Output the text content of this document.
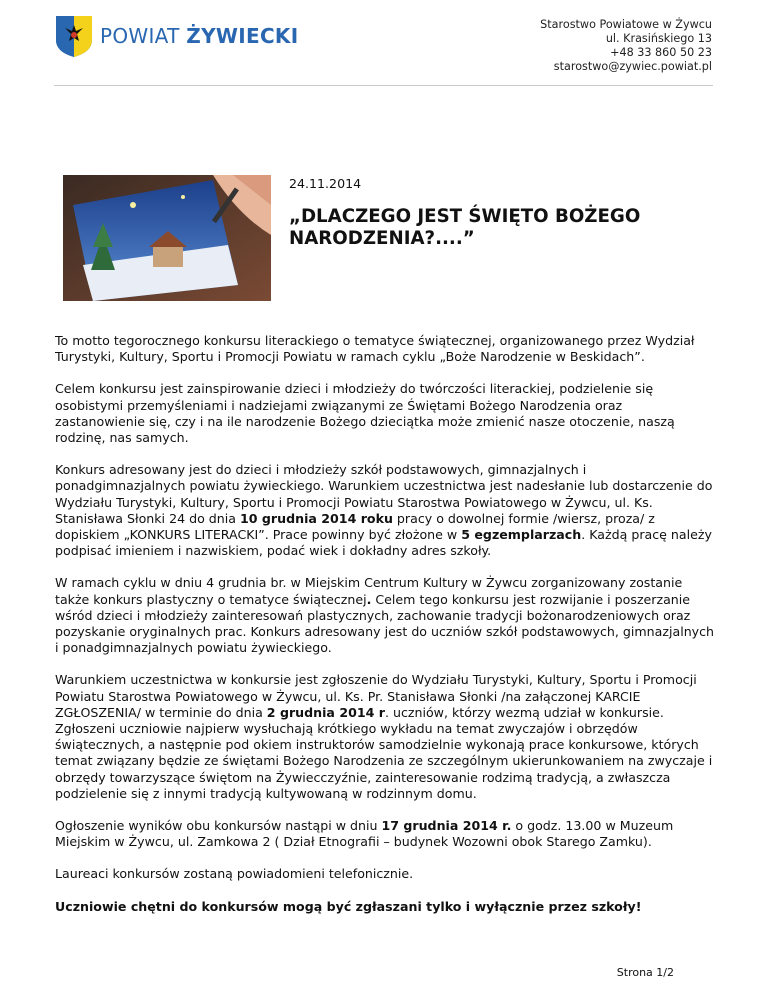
POWIAT ŻYWIECKI	Starostwo Powiatowe w Żywcu
ul. Krasińskiego 13
+48 33 860 50 23
starostwo@zywiec.powiat.pl
24.11.2014
„DLACZEGO JEST ŚWIĘTO BOŻEGO NARODZENIA?....”

To motto tegorocznego konkursu literackiego o tematyce świątecznej, organizowanego przez Wydział Turystyki, Kultury, Sportu i Promocji Powiatu w ramach cyklu „Boże Narodzenie w Beskidach”.

Celem konkursu jest zainspirowanie dzieci i młodzieży do twórczości literackiej, podzielenie się osobistymi przemyśleniami i nadziejami związanymi ze Świętami Bożego Narodzenia oraz zastanowienie się, czy i na ile narodzenie Bożego dzieciątka może zmienić nasze otoczenie, naszą rodzinę, nas samych.

Konkurs adresowany jest do dzieci i młodzieży szkół podstawowych, gimnazjalnych i ponadgimnazjalnych powiatu żywieckiego. Warunkiem uczestnictwa jest nadesłanie lub dostarczenie do Wydziału Turystyki, Kultury, Sportu i Promocji Powiatu Starostwa Powiatowego w Żywcu, ul. Ks. Stanisława Słonki 24 do dnia 10 grudnia 2014 roku pracy o dowolnej formie /wiersz, proza/ z dopiskiem „KONKURS LITERACKI”. Prace powinny być złożone w 5 egzemplarzach. Każdą pracę należy podpisać imieniem i nazwiskiem, podać wiek i dokładny adres szkoły.

W ramach cyklu w dniu 4 grudnia br. w Miejskim Centrum Kultury w Żywcu zorganizowany zostanie także konkurs plastyczny o tematyce świątecznej. Celem tego konkursu jest rozwijanie i poszerzanie wśród dzieci i młodzieży zainteresowań plastycznych, zachowanie tradycji bożonarodzeniowych oraz pozyskanie oryginalnych prac. Konkurs adresowany jest do uczniów szkół podstawowych, gimnazjalnych i ponadgimnazjalnych powiatu żywieckiego.

Warunkiem uczestnictwa w konkursie jest zgłoszenie do Wydziału Turystyki, Kultury, Sportu i Promocji Powiatu Starostwa Powiatowego w Żywcu, ul. Ks. Pr. Stanisława Słonki /na załączonej KARCIE ZGŁOSZENIA/ w terminie do dnia 2 grudnia 2014 r. uczniów, którzy wezmą udział w konkursie. Zgłoszeni uczniowie najpierw wysłuchają krótkiego wykładu na temat zwyczajów i obrzędów świątecznych, a następnie pod okiem instruktorów samodzielnie wykonają prace konkursowe, których temat związany będzie ze świętami Bożego Narodzenia ze szczególnym ukierunkowaniem na zwyczaje i obrzędy towarzyszące świętom na Żywiecczyźnie, zainteresowanie rodzimą tradycją, a zwłaszcza podzielenie się z innymi tradycją kultywowaną w rodzinnym domu.

Ogłoszenie wyników obu konkursów nastąpi w dniu 17 grudnia 2014 r. o godz. 13.00 w Muzeum Miejskim w Żywcu, ul. Zamkowa 2 ( Dział Etnografii – budynek Wozowni obok Starego Zamku).

Laureaci konkursów zostaną powiadomieni telefonicznie.

Uczniowie chętni do konkursów mogą być zgłaszani tylko i wyłącznie przez szkoły!

Strona 1/2
